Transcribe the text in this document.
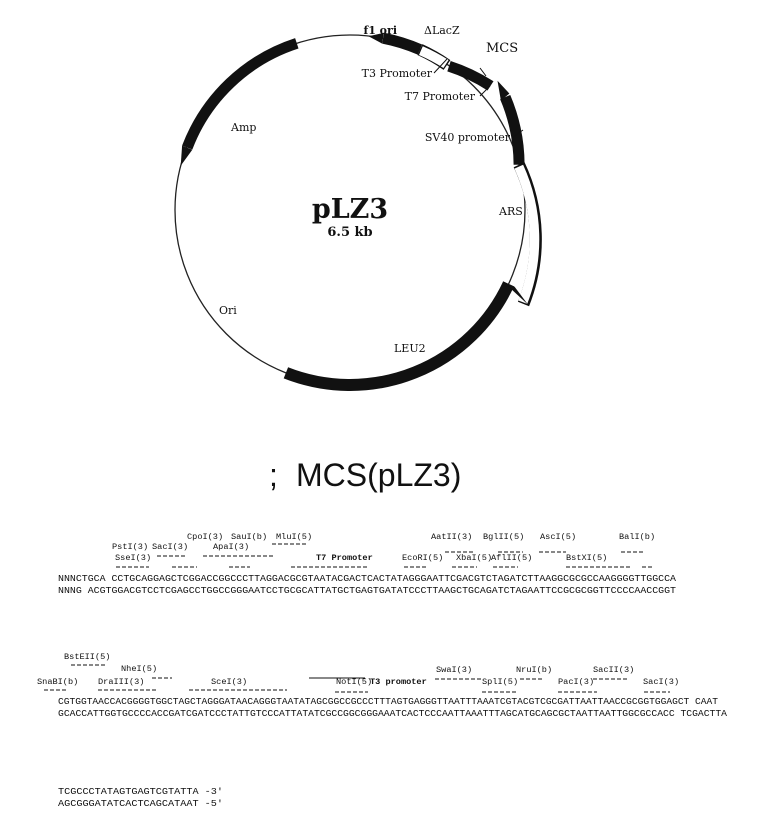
f1 ori ΔLacZ
MCS
T3 Promoter
T7 Promoter
SV40 promoter
Amp
ARS
Ori
LEU2
pLZ3
6.5 kb
; MCS(pLZ3)
CpoI(3) SauI(b) MluI(5)	AatII(3) BglII(5) AscI(5)	BalI(b)
PstI(3) SacI(3)	ApaI(3)
SseI(3)	T7 Promoter	EcoRI(5) XbaI(5)
AflII(5)	BstXI(5)
NNNCTGCA CCTGCAGGAGCTCGGACCGGCCCTTAGGACGCGTAATACGACTCACTATAGGGAATTCGACGTCTAGATCTTAAGGCGCGCCAAGGGGTTGGCCA
NNNG ACGTGGACGTCCTCGAGCCTGGCCGGGAATCCTGCGCATTATGCTGAGTGATATCCCTTAAGCTGCAGATCTAGAATTCCGCGCGGTTCCCCAACCGGT
BstEII(5)
NheI(5)	SwaI(3)	NruI(b)	SacII(3)
SnaBI(b) DraIII(3)	SceI(3)	NotI(5)
T3 promoter	SplI(5)	PacI(3)	SacI(3)
CGTGGTAACCACGGGGTGGCTAGCTAGGGATAACAGGGTAATATAGCGGCCGCCCTTTAGTGAGGGTTAATTTAAATCGTACGTCGCGATTAATTAACCGCGGTGGAGCT CAAT
GCACCATTGGTGCCCCACCGATCGATCCCTATTGTCCCATTATATCGCCGGCGGGAAATCACTCCCAATTAAATTTAGCATGCAGCGCTAATTAATTGGCGCCACC TCGACTTA
TCGCCCTATAGTGAGTCGTATTA -3'
AGCGGGATATCACTCAGCATAAT -5'
